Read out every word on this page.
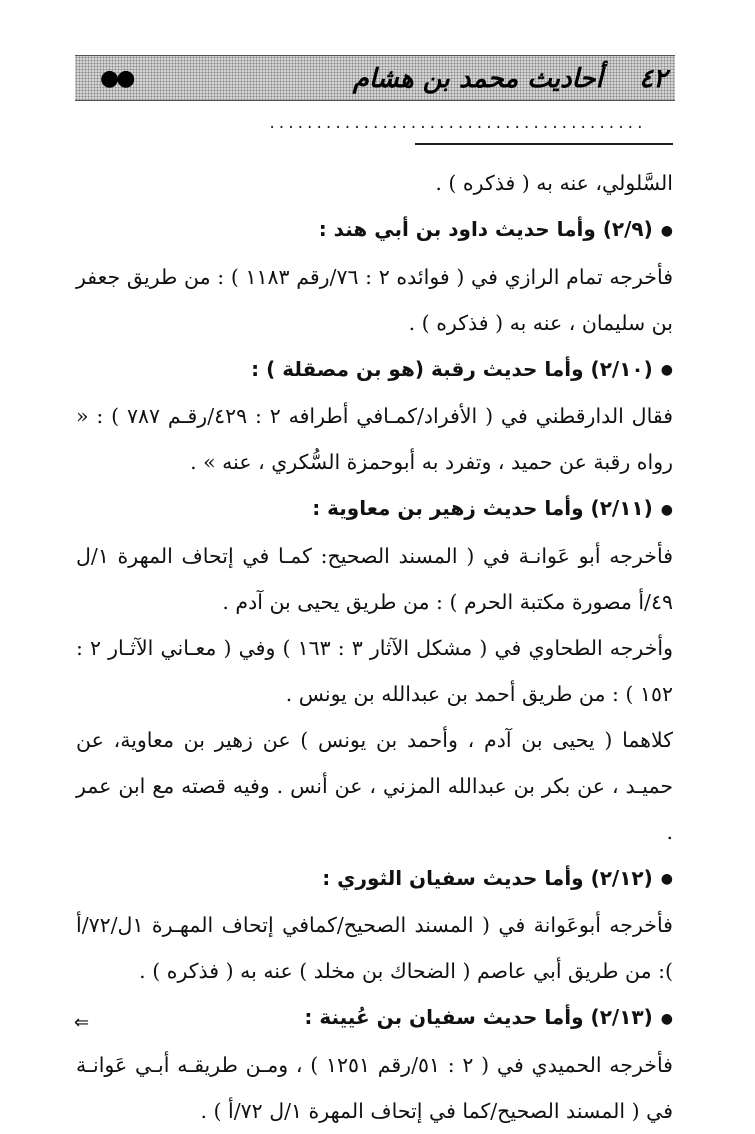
٤٢    أحاديث محمد بن هشام
●●
........................................

السَّلولي، عنه به ( فذكره ) .

●(٢/٩) وأما حديث داود بن أبي هند :

فأخرجه تمام الرازي في ( فوائده ٢ : ٧٦/رقم ١١٨٣ ) : من طريق جعفر بن سليمان ، عنه به ( فذكره ) .

●(٢/١٠) وأما حديث رقبة (هو بن مصقلة ) :

فقال الدارقطني في ( الأفراد/كمـافي أطرافه ٢ : ٤٢٩/رقـم ٧٨٧ ) : « رواه رقبة عن حميد ، وتفرد به أبوحمزة السُّكري ، عنه » .

●(٢/١١) وأما حديث زهير بن معاوية :

فأخرجه أبو عَوانـة في ( المسند الصحيح: كمـا في إتحاف المهرة ١/ل ٤٩/أ مصورة مكتبة الحرم ) : من طريق يحيى بن آدم .

وأخرجه الطحاوي في ( مشكل الآثار ٣ : ١٦٣ ) وفي ( معـاني الآثـار ٢ : ١٥٢ ) : من طريق أحمد بن عبدالله بن يونس .

كلاهما ( يحيى بن آدم ، وأحمد بن يونس ) عن زهير بن معاوية، عن حميـد ، عن بكر بن عبدالله المزني ، عن أنس . وفيه قصته مع ابن عمر .

●(٢/١٢) وأما حديث سفيان الثوري :

فأخرجه أبوعَوانة في ( المسند الصحيح/كمافي إتحاف المهـرة ١ل/٧٢/أ ): من طريق أبي عاصم ( الضحاك بن مخلد ) عنه به ( فذكره ) .

●(٢/١٣) وأما حديث سفيان بن عُيينة :

فأخرجه الحميدي في ( ٢ : ٥١/رقم ١٢٥١ ) ، ومـن طريقـه أبـي عَوانـة في ( المسند الصحيح/كما في إتحاف المهرة ١/ل ٧٢/أ ) .

⇐
